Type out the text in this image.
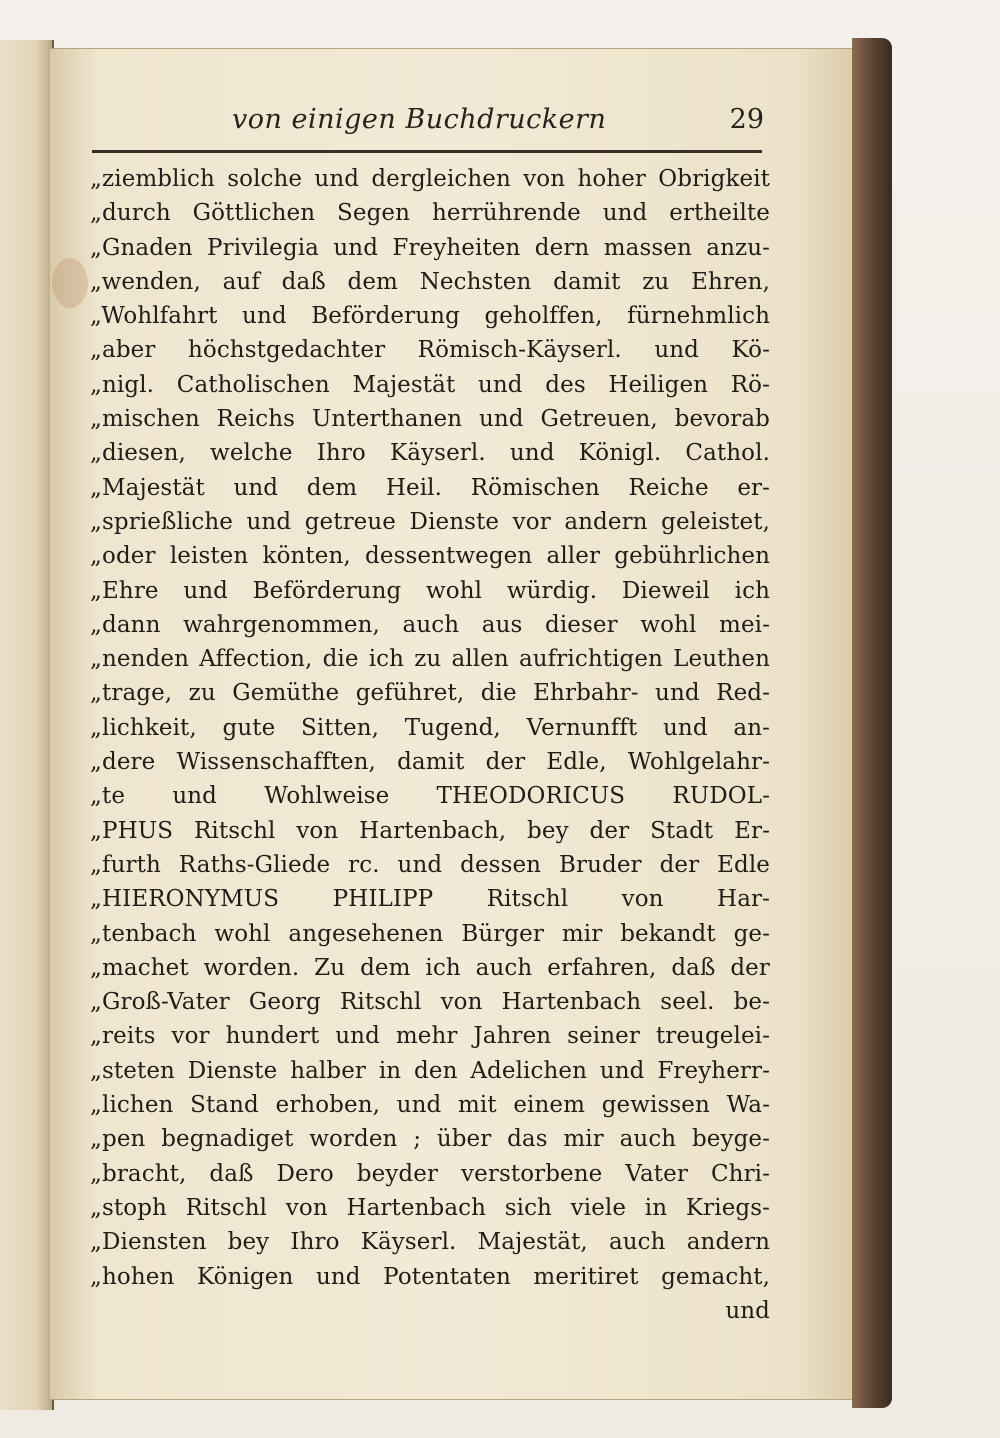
von einigen Buchdruckern	29
„ziemblich solche und dergleichen von hoher Obrigkeit
„durch Göttlichen Segen herrührende und ertheilte
„Gnaden Privilegia und Freyheiten dern massen anzu-
„wenden, auf daß dem Nechsten damit zu Ehren,
„Wohlfahrt und Beförderung geholffen, fürnehmlich
„aber höchstgedachter Römisch-Käyserl. und Kö-
„nigl. Catholischen Majestät und des Heiligen Rö-
„mischen Reichs Unterthanen und Getreuen, bevorab
„diesen, welche Ihro Käyserl. und Königl. Cathol.
„Majestät und dem Heil. Römischen Reiche er-
„sprießliche und getreue Dienste vor andern geleistet,
„oder leisten könten, dessentwegen aller gebührlichen
„Ehre und Beförderung wohl würdig. Dieweil ich
„dann wahrgenommen, auch aus dieser wohl mei-
„nenden Affection, die ich zu allen aufrichtigen Leuthen
„trage, zu Gemüthe geführet, die Ehrbahr- und Red-
„lichkeit, gute Sitten, Tugend, Vernunfft und an-
„dere Wissenschafften, damit der Edle, Wohlgelahr-
„te und Wohlweise THEODORICUS RUDOL-
„PHUS Ritschl von Hartenbach, bey der Stadt Er-
„furth Raths-Gliede rc. und dessen Bruder der Edle
„HIERONYMUS PHILIPP Ritschl von Har-
„tenbach wohl angesehenen Bürger mir bekandt ge-
„machet worden. Zu dem ich auch erfahren, daß der
„Groß-Vater Georg Ritschl von Hartenbach seel. be-
„reits vor hundert und mehr Jahren seiner treugelei-
„steten Dienste halber in den Adelichen und Freyherr-
„lichen Stand erhoben, und mit einem gewissen Wa-
„pen begnadiget worden ; über das mir auch beyge-
„bracht, daß Dero beyder verstorbene Vater Chri-
„stoph Ritschl von Hartenbach sich viele in Kriegs-
„Diensten bey Ihro Käyserl. Majestät, auch andern
„hohen Königen und Potentaten meritiret gemacht,
und
